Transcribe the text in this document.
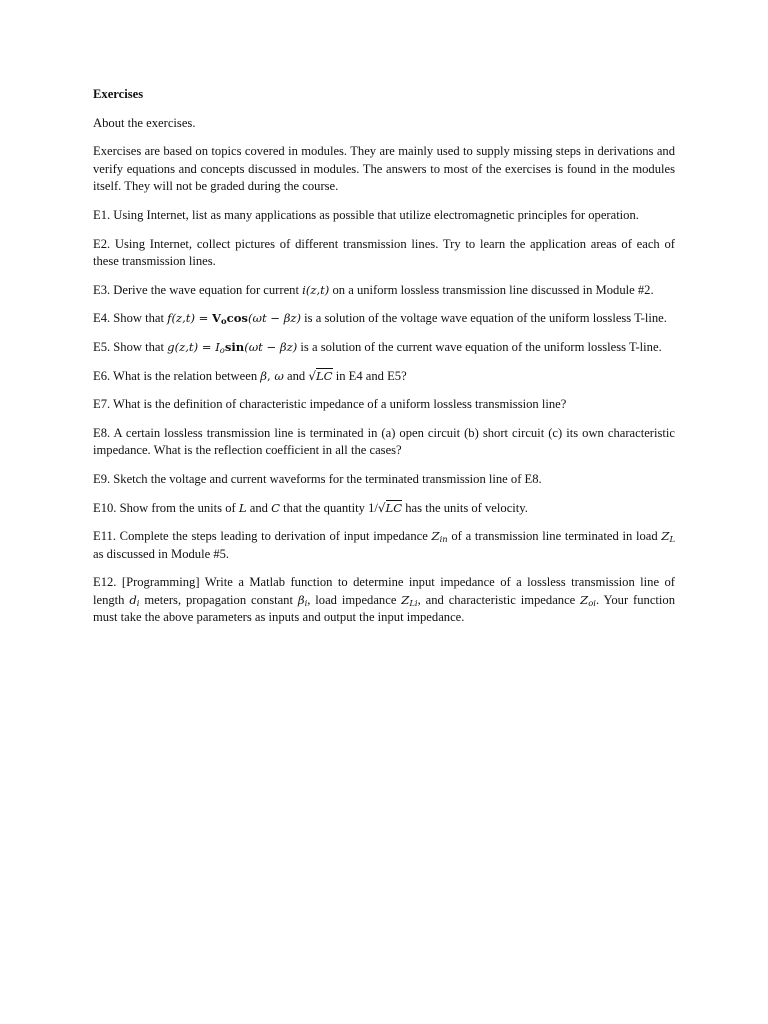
Exercises
About the exercises.
Exercises are based on topics covered in modules. They are mainly used to supply missing steps in derivations and verify equations and concepts discussed in modules. The answers to most of the exercises is found in the modules itself. They will not be graded during the course.
E1. Using Internet, list as many applications as possible that utilize electromagnetic principles for operation.
E2. Using Internet, collect pictures of different transmission lines. Try to learn the application areas of each of these transmission lines.
E3. Derive the wave equation for current i(z,t) on a uniform lossless transmission line discussed in Module #2.
E4. Show that $f(z,t) = V_o\cos(\omega t - \beta z)$ is a solution of the voltage wave equation of the uniform lossless T-line.
E5. Show that $g(z,t) = I_o\sin(\omega t - \beta z)$ is a solution of the current wave equation of the uniform lossless T-line.
E6. What is the relation between β, ω and √LC in E4 and E5?
E7. What is the definition of characteristic impedance of a uniform lossless transmission line?
E8. A certain lossless transmission line is terminated in (a) open circuit (b) short circuit (c) its own characteristic impedance. What is the reflection coefficient in all the cases?
E9. Sketch the voltage and current waveforms for the terminated transmission line of E8.
E10. Show from the units of L and C that the quantity 1/√LC has the units of velocity.
E11. Complete the steps leading to derivation of input impedance $Z_{in}$ of a transmission line terminated in load $Z_L$ as discussed in Module #5.
E12. [Programming] Write a Matlab function to determine input impedance of a lossless transmission line of length $d_i$ meters, propagation constant $\beta_i$, load impedance $Z_{Li}$, and characteristic impedance $Z_{oi}$. Your function must take the above parameters as inputs and output the input impedance.
